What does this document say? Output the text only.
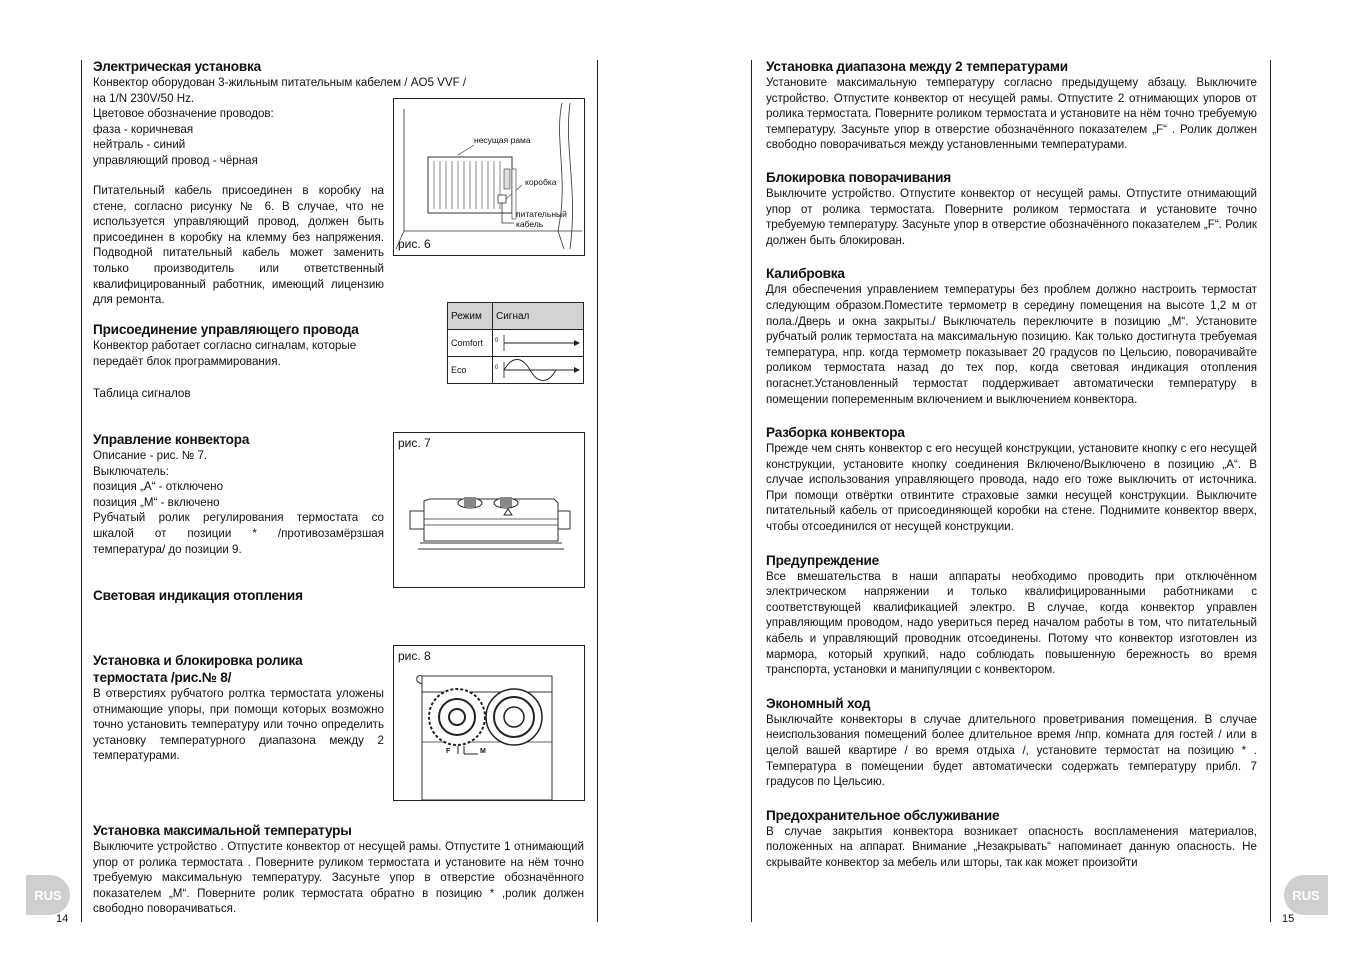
Электрическая установка

Конвектор оборудован 3-жильным питательным кабелем / AO5 VVF /
на 1/N 230V/50 Hz.
Цветовое обозначение проводов:
фаза - коричневая
нейтраль - синий
управляющий провод - чёрная

Питательный кабель присоединен в коробку на стене, согласно рисунку № 6. В случае, что не используется управляющий провод, должен быть присоединен в коробку на клемму без напряжения. Подводной питательный кабель может заменить только производитель или ответственный квалифицированный работник, имеющий лицензию для ремонта.

несущая рама
коробка
питательный кабель
рис. 6
Присоединение управляющего провода

Конвектор работает согласно сигналам, которые передаёт блок программирования.

Таблица сигналов

Режим	Сигнал
Comfort	0

Eco	0
Управление конвектора

Описание - рис. № 7.
Выключатель:
позиция „А“ - отключено
позиция „М“ - включено

Рубчатый ролик регулирования термостата со шкалой от позиции * /противозамёрзшая температура/ до позиции 9.

рис. 7
Световая индикация отопления
Установка и блокировка ролика термостата /рис.№ 8/

В отверстиях рубчатого ролтка термостата уложены отнимающие упоры, при помощи которых возможно точно установить температуру или точно определить установку температурного диапазона между 2 температурами.

рис. 8
F	M
Установка максимальной температуры

Выключите устройство . Отпустите конвектор от несущей рамы. Отпустите 1 отнимающий упор от ролика термостата . Поверните руликом термостата и установите на нём точно требуемую максимальную температуру. Засуньте упор в отверстие обозначённого показателем „М“. Поверните ролик термостата обратно в позицию * ,ролик должен свободно поворачиваться.

Установка диапазона между 2 температурами

Установите максимальную температуру согласно предыдущему абзацу. Выключите устройство. Отпустите конвектор от несущей рамы. Отпустите 2 отнимающих упоров от ролика термостата. Поверните роликом термостата и установите на нём точно требуемую температуру. Засуньте упор в отверстие обозначённого показателем „F“ . Ролик должен свободно поворачиваться между установленными температурами.

Блокировка поворачивания

Выключите устройство. Отпустите конвектор от несущей рамы. Отпустите отнимающий упор от ролика термостата. Поверните роликом термостата и установите точно требуемую температуру. Засуньте упор в отверстие обозначённого показателем „F“. Ролик должен быть блокирован.

Калибровка

Для обеспечения управлением температуры без проблем должно настроить термостат следующим образом.Поместите термометр в середину помещения на высоте 1,2 м от пола./Дверь и окна закрыты./ Выключатель переключите в позицию „М“. Установите рубчатый ролик термостата на максимальную позицию. Как только достигнута требуемая температура, нпр. когда термометр показывает 20 градусов по Цельсию, поворачивайте роликом термостата назад до тех пор, когда световая индикация отопления погаснет.Установленный термостат поддерживает автоматически температуру в помещении попеременным включением и выключением конвектора.

Разборка конвектора

Прежде чем снять конвектор с его несущей конструкции, установите кнопку с его несущей конструкции, установите кнопку соединения Включено/Выключено в позицию „А“. В случае использования управляющего провода, надо его тоже выключить от источника. При помощи отвёртки отвинтите страховые замки несущей конструкции. Выключите питательный кабель от присоединяющей коробки на стене. Поднимите конвектор вверх, чтобы отсоединился от несущей конструкции.

Предупреждение

Все вмешательства в наши аппараты необходимо проводить при отключённом электрическом напряжении и только квалифицированными работниками с соответствующей квалификацией электро. В случае, когда конвектор управлен управляющим проводом, надо увериться перед началом работы в том, что питательный кабель и управляющий проводник отсоединены. Потому что конвектор изготовлен из мармора, который хрупкий, надо соблюдать повышенную бережность во время транспорта, установки и манипуляции с конвектором.

Экономный ход

Выключайте конвекторы в случае длительного проветривания помещения. В случае неиспользования помещений более длительное время /нпр. комната для гостей / или в целой вашей квартире / во время отдыха /, установите термостат на позицию * . Температура в помещении будет автоматически содержать температуру прибл. 7 градусов по Цельсию.

Предохранительное обслуживание

В случае закрытия конвектора возникает опасность воспламенения материалов, положенных на аппарат. Внимание „Незакрывать“ напоминает данную опасность. Не скрывайте конвектор за мебель или шторы, так как может произойти

RUS
14
RUS
15
